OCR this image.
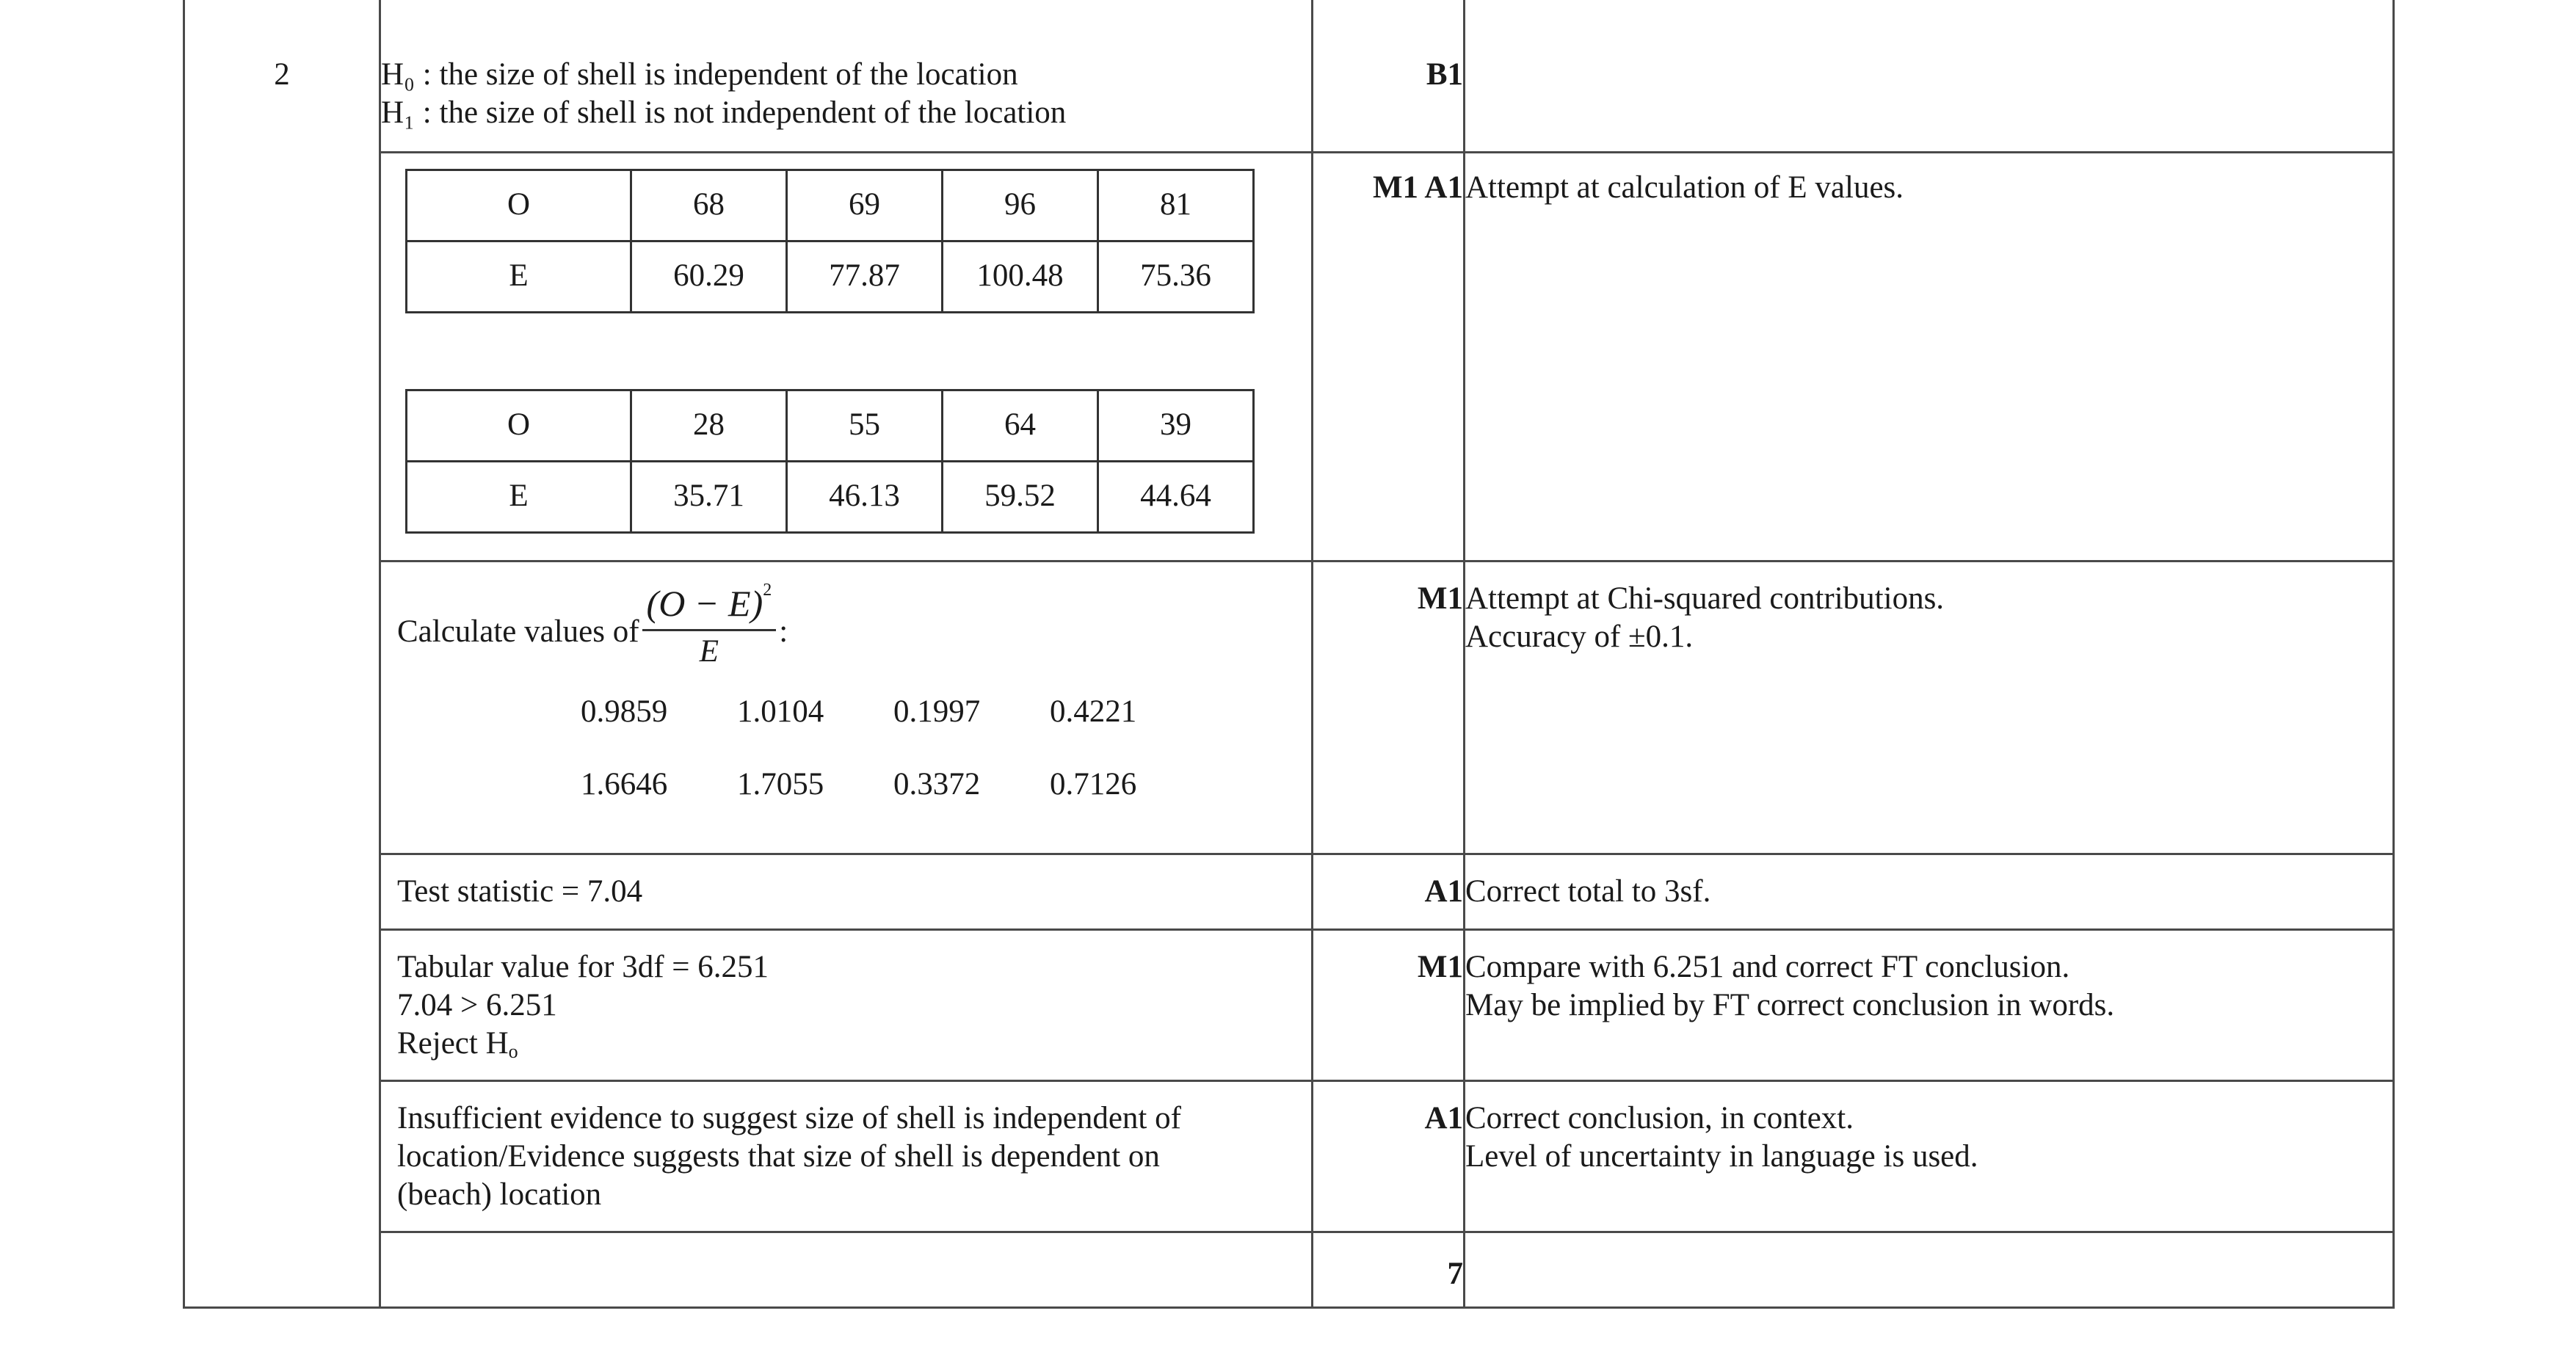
2	H₀ : the size of shell is independent of the location
H₁ : the size of shell is not independent of the location
	B1	

O	68	69	96	81
E	60.29	77.87	100.48	75.36
O	28	55	64	39
E	35.71	46.13	59.52	44.64
	M1 A1	Attempt at calculation of E values.

Calculate values of $\frac{(O - E)^2}{E}$ :
0.9859	1.0104	0.1997	0.4221
1.6646	1.7055	0.3372	0.7126
	M1	Attempt at Chi-squared contributions.
Accuracy of ±0.1.

Test statistic = 7.04	A1	Correct total to 3sf.

Tabular value for 3df = 6.251
7.04 > 6.251
Reject $H_o$
	M1	Compare with 6.251 and correct FT conclusion.
May be implied by FT correct conclusion in words.

Insufficient evidence to suggest size of shell is independent of
location/Evidence suggests that size of shell is dependent on
(beach) location
	A1	Correct conclusion, in context.
Level of uncertainty in language is used.

	7	
